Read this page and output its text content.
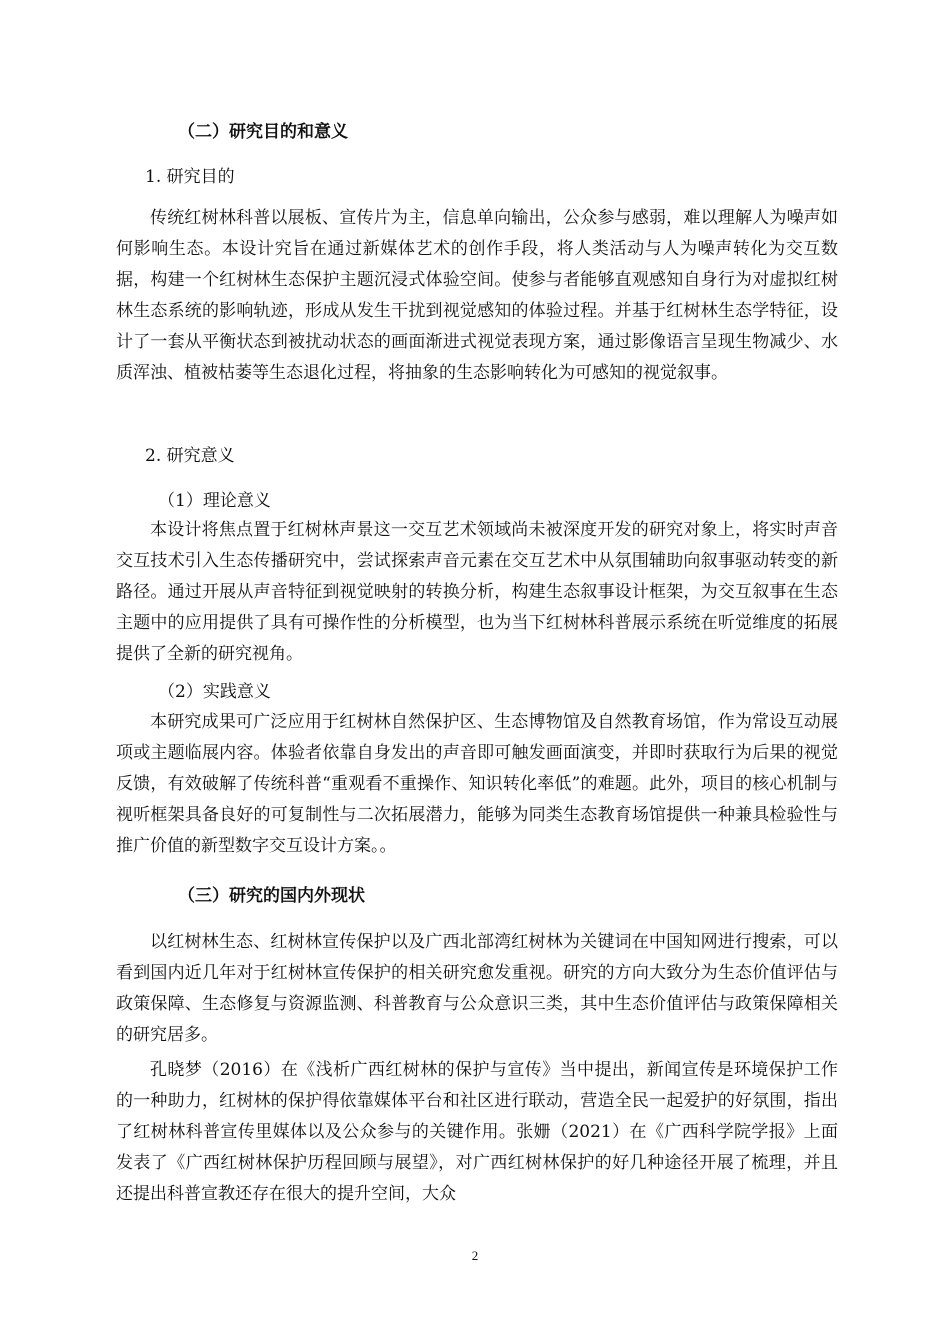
（二）研究目的和意义
1. 研究目的

传统红树林科普以展板、宣传片为主，信息单向输出，公众参与感弱，难以理解人为噪声如何影响生态。本设计究旨在通过新媒体艺术的创作手段，将人类活动与人为噪声转化为交互数据，构建一个红树林生态保护主题沉浸式体验空间。使参与者能够直观感知自身行为对虚拟红树林生态系统的影响轨迹，形成从发生干扰到视觉感知的体验过程。并基于红树林生态学特征，设计了一套从平衡状态到被扰动状态的画面渐进式视觉表现方案，通过影像语言呈现生物减少、水质浑浊、植被枯萎等生态退化过程，将抽象的生态影响转化为可感知的视觉叙事。

2. 研究意义
（1）理论意义

本设计将焦点置于红树林声景这一交互艺术领域尚未被深度开发的研究对象上，将实时声音交互技术引入生态传播研究中，尝试探索声音元素在交互艺术中从氛围辅助向叙事驱动转变的新路径。通过开展从声音特征到视觉映射的转换分析，构建生态叙事设计框架，为交互叙事在生态主题中的应用提供了具有可操作性的分析模型，也为当下红树林科普展示系统在听觉维度的拓展提供了全新的研究视角。

（2）实践意义

本研究成果可广泛应用于红树林自然保护区、生态博物馆及自然教育场馆，作为常设互动展项或主题临展内容。体验者依靠自身发出的声音即可触发画面演变，并即时获取行为后果的视觉反馈，有效破解了传统科普“重观看不重操作、知识转化率低”的难题。此外，项目的核心机制与视听框架具备良好的可复制性与二次拓展潜力，能够为同类生态教育场馆提供一种兼具检验性与推广价值的新型数字交互设计方案。。

（三）研究的国内外现状

以红树林生态、红树林宣传保护以及广西北部湾红树林为关键词在中国知网进行搜索，可以看到国内近几年对于红树林宣传保护的相关研究愈发重视。研究的方向大致分为生态价值评估与政策保障、生态修复与资源监测、科普教育与公众意识三类，其中生态价值评估与政策保障相关的研究居多。

孔晓梦（2016）在《浅析广西红树林的保护与宣传》当中提出，新闻宣传是环境保护工作的一种助力，红树林的保护得依靠媒体平台和社区进行联动，营造全民一起爱护的好氛围，指出了红树林科普宣传里媒体以及公众参与的关键作用。张姗（2021）在《广西科学院学报》上面发表了《广西红树林保护历程回顾与展望》，对广西红树林保护的好几种途径开展了梳理，并且还提出科普宣教还存在很大的提升空间，大众

2
